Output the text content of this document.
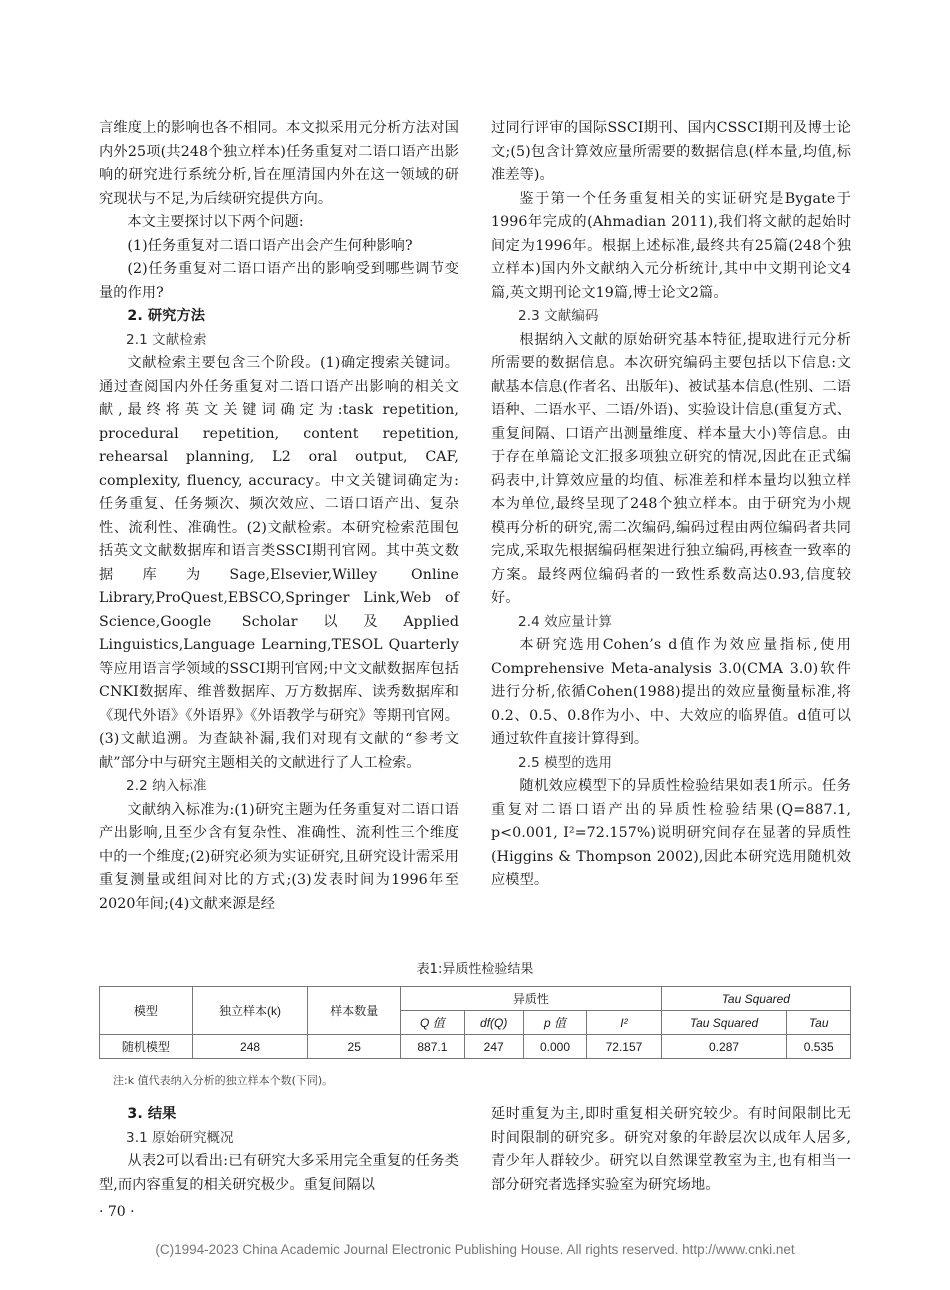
言维度上的影响也各不相同。本文拟采用元分析方法对国内外25项(共248个独立样本)任务重复对二语口语产出影响的研究进行系统分析,旨在厘清国内外在这一领域的研究现状与不足,为后续研究提供方向。

本文主要探讨以下两个问题:

(1)任务重复对二语口语产出会产生何种影响?

(2)任务重复对二语口语产出的影响受到哪些调节变量的作用?

2. 研究方法

2.1 文献检索

文献检索主要包含三个阶段。(1)确定搜索关键词。通过查阅国内外任务重复对二语口语产出影响的相关文献,最终将英文关键词确定为:task repetition, procedural repetition, content repetition, rehearsal planning, L2 oral output, CAF, complexity, fluency, accuracy。中文关键词确定为:任务重复、任务频次、频次效应、二语口语产出、复杂性、流利性、准确性。(2)文献检索。本研究检索范围包括英文文献数据库和语言类SSCI期刊官网。其中英文数据库为Sage,Elsevier,Willey Online Library,ProQuest,EBSCO,Springer Link,Web of Science,Google Scholar以及Applied Linguistics,Language Learning,TESOL Quarterly等应用语言学领域的SSCI期刊官网;中文文献数据库包括CNKI数据库、维普数据库、万方数据库、读秀数据库和《现代外语》《外语界》《外语教学与研究》等期刊官网。(3)文献追溯。为查缺补漏,我们对现有文献的“参考文献”部分中与研究主题相关的文献进行了人工检索。

2.2 纳入标准

文献纳入标准为:(1)研究主题为任务重复对二语口语产出影响,且至少含有复杂性、准确性、流利性三个维度中的一个维度;(2)研究必须为实证研究,且研究设计需采用重复测量或组间对比的方式;(3)发表时间为1996年至2020年间;(4)文献来源是经

过同行评审的国际SSCI期刊、国内CSSCI期刊及博士论文;(5)包含计算效应量所需要的数据信息(样本量,均值,标准差等)。

鉴于第一个任务重复相关的实证研究是Bygate于1996年完成的(Ahmadian 2011),我们将文献的起始时间定为1996年。根据上述标准,最终共有25篇(248个独立样本)国内外文献纳入元分析统计,其中中文期刊论文4篇,英文期刊论文19篇,博士论文2篇。

2.3 文献编码

根据纳入文献的原始研究基本特征,提取进行元分析所需要的数据信息。本次研究编码主要包括以下信息:文献基本信息(作者名、出版年)、被试基本信息(性别、二语语种、二语水平、二语/外语)、实验设计信息(重复方式、重复间隔、口语产出测量维度、样本量大小)等信息。由于存在单篇论文汇报多项独立研究的情况,因此在正式编码表中,计算效应量的均值、标准差和样本量均以独立样本为单位,最终呈现了248个独立样本。由于研究为小规模再分析的研究,需二次编码,编码过程由两位编码者共同完成,采取先根据编码框架进行独立编码,再核查一致率的方案。最终两位编码者的一致性系数高达0.93,信度较好。

2.4 效应量计算

本研究选用Cohen’s d值作为效应量指标,使用Comprehensive Meta-analysis 3.0(CMA 3.0)软件进行分析,依循Cohen(1988)提出的效应量衡量标准,将0.2、0.5、0.8作为小、中、大效应的临界值。d值可以通过软件直接计算得到。

2.5 模型的选用

随机效应模型下的异质性检验结果如表1所示。任务重复对二语口语产出的异质性检验结果(Q=887.1, p<0.001, I²=72.157%)说明研究间存在显著的异质性(Higgins & Thompson 2002),因此本研究选用随机效应模型。

表1:异质性检验结果
模型	独立样本(k)	样本数量	异质性				Tau Squared	
			Q 值	df(Q)	p 值	I²	Tau Squared	Tau
随机模型	248	25	887.1	247	0.000	72.157	0.287	0.535
注:k 值代表纳入分析的独立样本个数(下同)。

3. 结果

3.1 原始研究概况

从表2可以看出:已有研究大多采用完全重复的任务类型,而内容重复的相关研究极少。重复间隔以

延时重复为主,即时重复相关研究较少。有时间限制比无时间限制的研究多。研究对象的年龄层次以成年人居多,青少年人群较少。研究以自然课堂教室为主,也有相当一部分研究者选择实验室为研究场地。

· 70 ·
(C)1994-2023 China Academic Journal Electronic Publishing House. All rights reserved. http://www.cnki.net
